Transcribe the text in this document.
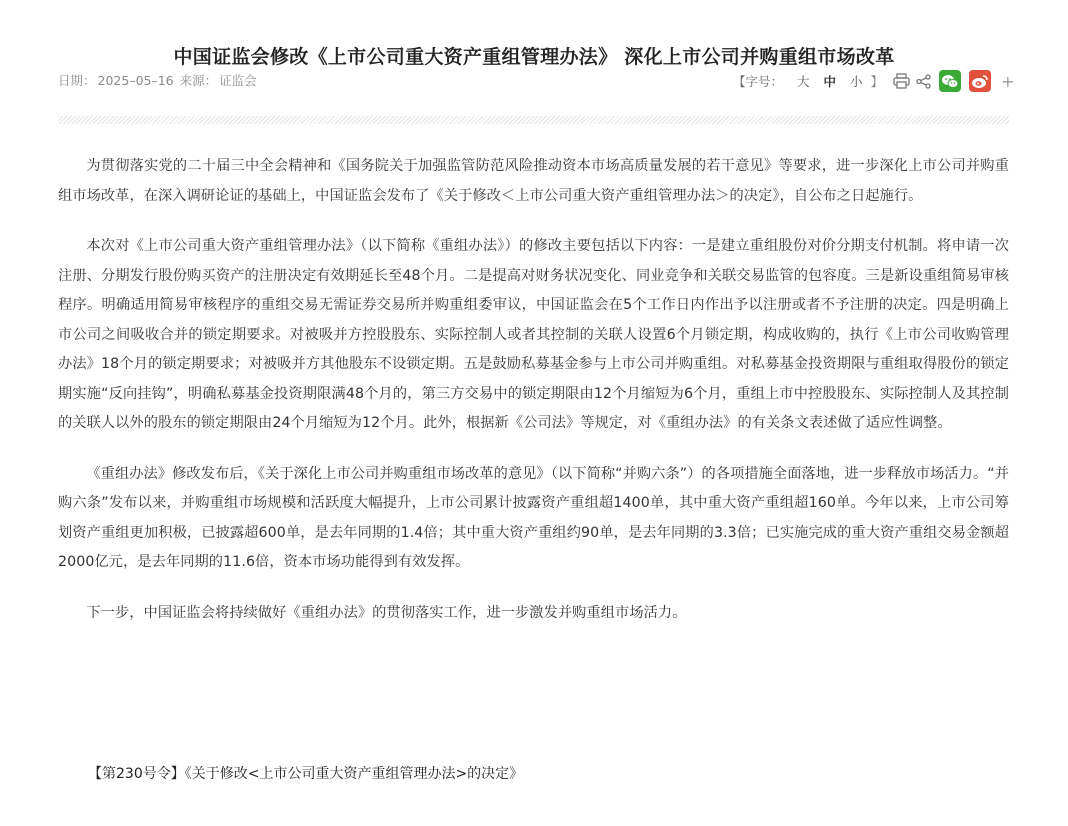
中国证监会修改《上市公司重大资产重组管理办法》 深化上市公司并购重组市场改革
日期： 2025–05–16 来源： 证监会	【字号： 大 中 小 】	+

为贯彻落实党的二十届三中全会精神和《国务院关于加强监管防范风险推动资本市场高质量发展的若干意见》等要求，进一步深化上市公司并购重组市场改革，在深入调研论证的基础上，中国证监会发布了《关于修改＜上市公司重大资产重组管理办法＞的决定》，自公布之日起施行。

本次对《上市公司重大资产重组管理办法》（以下简称《重组办法》）的修改主要包括以下内容：一是建立重组股份对价分期支付机制。将申请一次注册、分期发行股份购买资产的注册决定有效期延长至48个月。二是提高对财务状况变化、同业竞争和关联交易监管的包容度。三是新设重组简易审核程序。明确适用简易审核程序的重组交易无需证券交易所并购重组委审议，中国证监会在5个工作日内作出予以注册或者不予注册的决定。四是明确上市公司之间吸收合并的锁定期要求。对被吸并方控股股东、实际控制人或者其控制的关联人设置6个月锁定期，构成收购的，执行《上市公司收购管理办法》18个月的锁定期要求；对被吸并方其他股东不设锁定期。五是鼓励私募基金参与上市公司并购重组。对私募基金投资期限与重组取得股份的锁定期实施“反向挂钩”，明确私募基金投资期限满48个月的，第三方交易中的锁定期限由12个月缩短为6个月，重组上市中控股股东、实际控制人及其控制的关联人以外的股东的锁定期限由24个月缩短为12个月。此外，根据新《公司法》等规定，对《重组办法》的有关条文表述做了适应性调整。

《重组办法》修改发布后，《关于深化上市公司并购重组市场改革的意见》（以下简称“并购六条”）的各项措施全面落地，进一步释放市场活力。“并购六条”发布以来，并购重组市场规模和活跃度大幅提升，上市公司累计披露资产重组超1400单，其中重大资产重组超160单。今年以来，上市公司筹划资产重组更加积极，已披露超600单，是去年同期的1.4倍；其中重大资产重组约90单，是去年同期的3.3倍；已实施完成的重大资产重组交易金额超2000亿元，是去年同期的11.6倍，资本市场功能得到有效发挥。

下一步，中国证监会将持续做好《重组办法》的贯彻落实工作，进一步激发并购重组市场活力。

【第230号令】《关于修改<上市公司重大资产重组管理办法>的决定》
